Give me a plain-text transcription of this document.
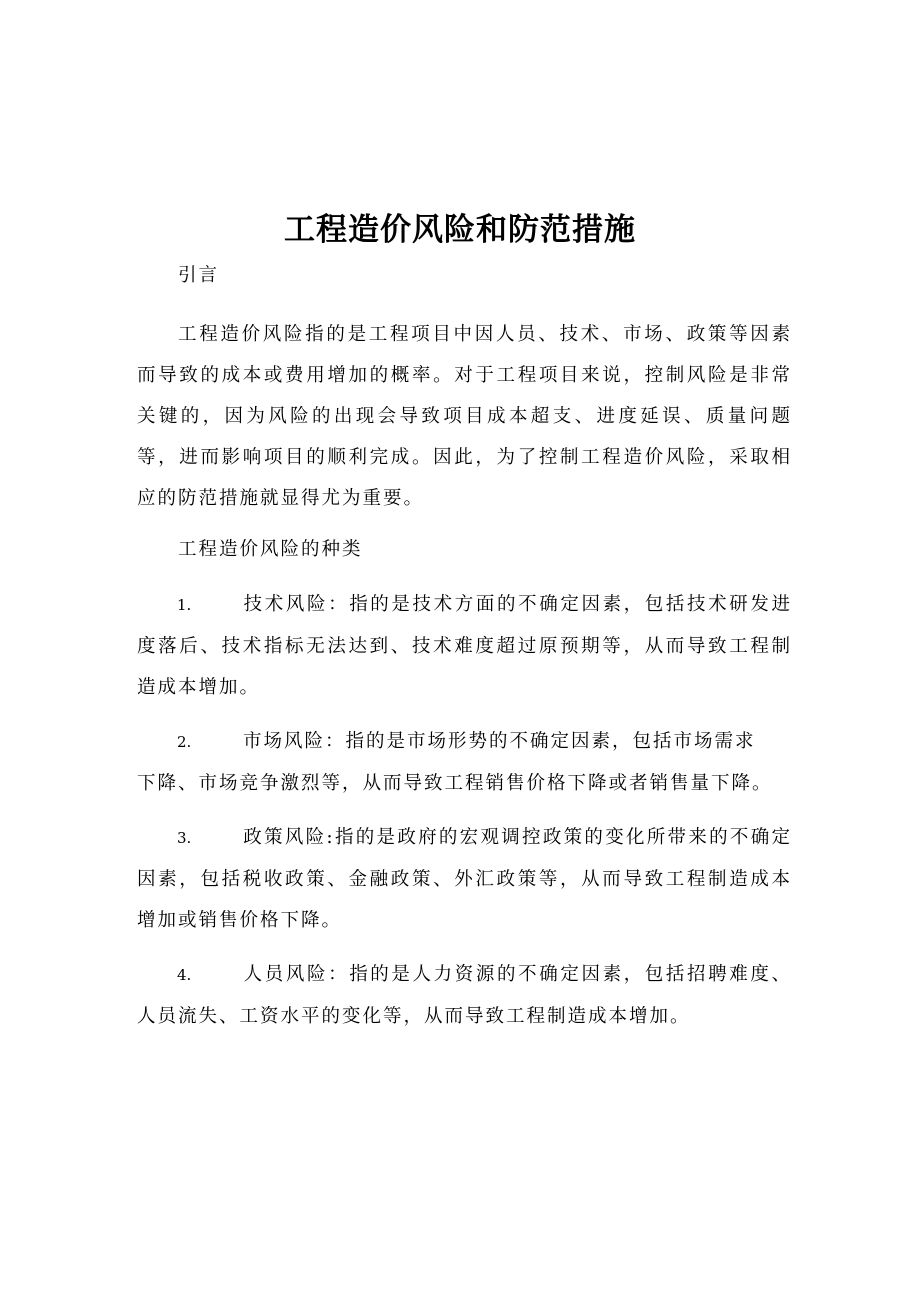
工程造价风险和防范措施

引言

工程造价风险指的是工程项目中因人员、技术、市场、政策等因素而导致的成本或费用增加的概率。对于工程项目来说，控制风险是非常关键的，因为风险的出现会导致项目成本超支、进度延误、质量问题等，进而影响项目的顺利完成。因此，为了控制工程造价风险，采取相应的防范措施就显得尤为重要。

工程造价风险的种类

1.	技术风险：指的是技术方面的不确定因素，包括技术研发进度落后、技术指标无法达到、技术难度超过原预期等，从而导致工程制造成本增加。

2.	市场风险：指的是市场形势的不确定因素，包括市场需求
下降、市场竞争激烈等，从而导致工程销售价格下降或者销售量下降。

3.	政策风险:指的是政府的宏观调控政策的变化所带来的不确定因素，包括税收政策、金融政策、外汇政策等，从而导致工程制造成本增加或销售价格下降。

4.	人员风险：指的是人力资源的不确定因素，包括招聘难度、人员流失、工资水平的变化等，从而导致工程制造成本增加。
